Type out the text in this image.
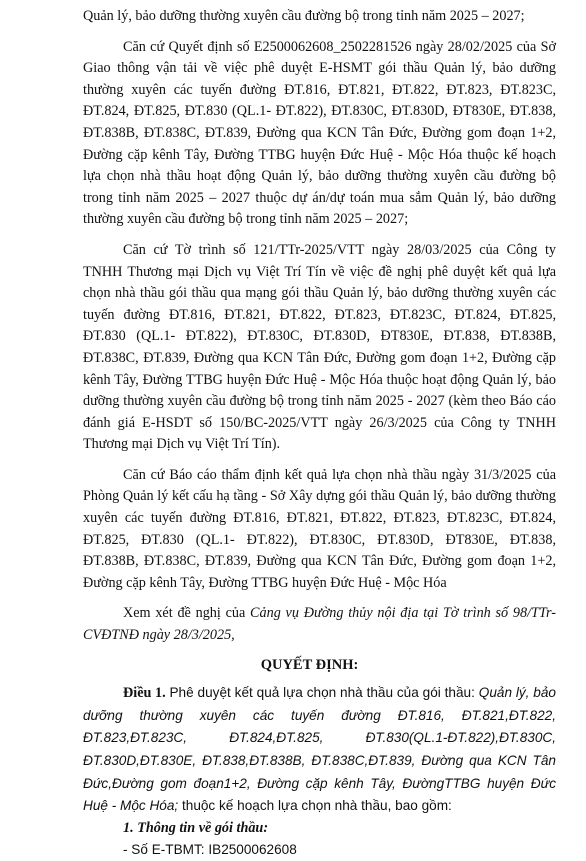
Quản lý, bảo dưỡng thường xuyên cầu đường bộ trong tỉnh năm 2025 – 2027;

Căn cứ Quyết định số E2500062608_2502281526 ngày 28/02/2025 của Sở Giao thông vận tải về việc phê duyệt E-HSMT gói thầu Quản lý, bảo dưỡng thường xuyên các tuyến đường ĐT.816, ĐT.821, ĐT.822, ĐT.823, ĐT.823C, ĐT.824, ĐT.825, ĐT.830 (QL.1- ĐT.822), ĐT.830C, ĐT.830D, ĐT830E, ĐT.838, ĐT.838B, ĐT.838C, ĐT.839, Đường qua KCN Tân Đức, Đường gom đoạn 1+2, Đường cặp kênh Tây, Đường TTBG huyện Đức Huệ - Mộc Hóa thuộc kế hoạch lựa chọn nhà thầu hoạt động Quản lý, bảo dưỡng thường xuyên cầu đường bộ trong tỉnh năm 2025 – 2027 thuộc dự án/dự toán mua sắm Quản lý, bảo dưỡng thường xuyên cầu đường bộ trong tỉnh năm 2025 – 2027;

Căn cứ Tờ trình số 121/TTr-2025/VTT ngày 28/03/2025 của Công ty TNHH Thương mại Dịch vụ Việt Trí Tín về việc đề nghị phê duyệt kết quả lựa chọn nhà thầu gói thầu qua mạng gói thầu Quản lý, bảo dưỡng thường xuyên các tuyến đường ĐT.816, ĐT.821, ĐT.822, ĐT.823, ĐT.823C, ĐT.824, ĐT.825, ĐT.830 (QL.1- ĐT.822), ĐT.830C, ĐT.830D, ĐT830E, ĐT.838, ĐT.838B, ĐT.838C, ĐT.839, Đường qua KCN Tân Đức, Đường gom đoạn 1+2, Đường cặp kênh Tây, Đường TTBG huyện Đức Huệ - Mộc Hóa thuộc hoạt động Quản lý, bảo dưỡng thường xuyên cầu đường bộ trong tỉnh năm 2025 - 2027 (kèm theo Báo cáo đánh giá E-HSDT số 150/BC-2025/VTT ngày 26/3/2025 của Công ty TNHH Thương mại Dịch vụ Việt Trí Tín).

Căn cứ Báo cáo thẩm định kết quả lựa chọn nhà thầu ngày 31/3/2025 của Phòng Quản lý kết cấu hạ tầng - Sở Xây dựng gói thầu Quản lý, bảo dưỡng thường xuyên các tuyến đường ĐT.816, ĐT.821, ĐT.822, ĐT.823, ĐT.823C, ĐT.824, ĐT.825, ĐT.830 (QL.1- ĐT.822), ĐT.830C, ĐT.830D, ĐT830E, ĐT.838, ĐT.838B, ĐT.838C, ĐT.839, Đường qua KCN Tân Đức, Đường gom đoạn 1+2, Đường cặp kênh Tây, Đường TTBG huyện Đức Huệ - Mộc Hóa

Xem xét đề nghị của Cảng vụ Đường thủy nội địa tại Tờ trình số 98/TTr-CVĐTNĐ ngày 28/3/2025,

QUYẾT ĐỊNH:

Điều 1. Phê duyệt kết quả lựa chọn nhà thầu của gói thầu: Quản lý, bảo dưỡng thường xuyên các tuyến đường ĐT.816, ĐT.821,ĐT.822, ĐT.823,ĐT.823C, ĐT.824,ĐT.825, ĐT.830(QL.1-ĐT.822),ĐT.830C, ĐT.830D,ĐT.830E, ĐT.838,ĐT.838B, ĐT.838C,ĐT.839, Đường qua KCN Tân Đức,Đường gom đoạn1+2, Đường cặp kênh Tây, ĐườngTTBG huyện Đức Huệ - Mộc Hóa; thuộc kế hoạch lựa chọn nhà thầu, bao gồm:

1. Thông tin về gói thầu:

- Số E-TBMT: IB2500062608
